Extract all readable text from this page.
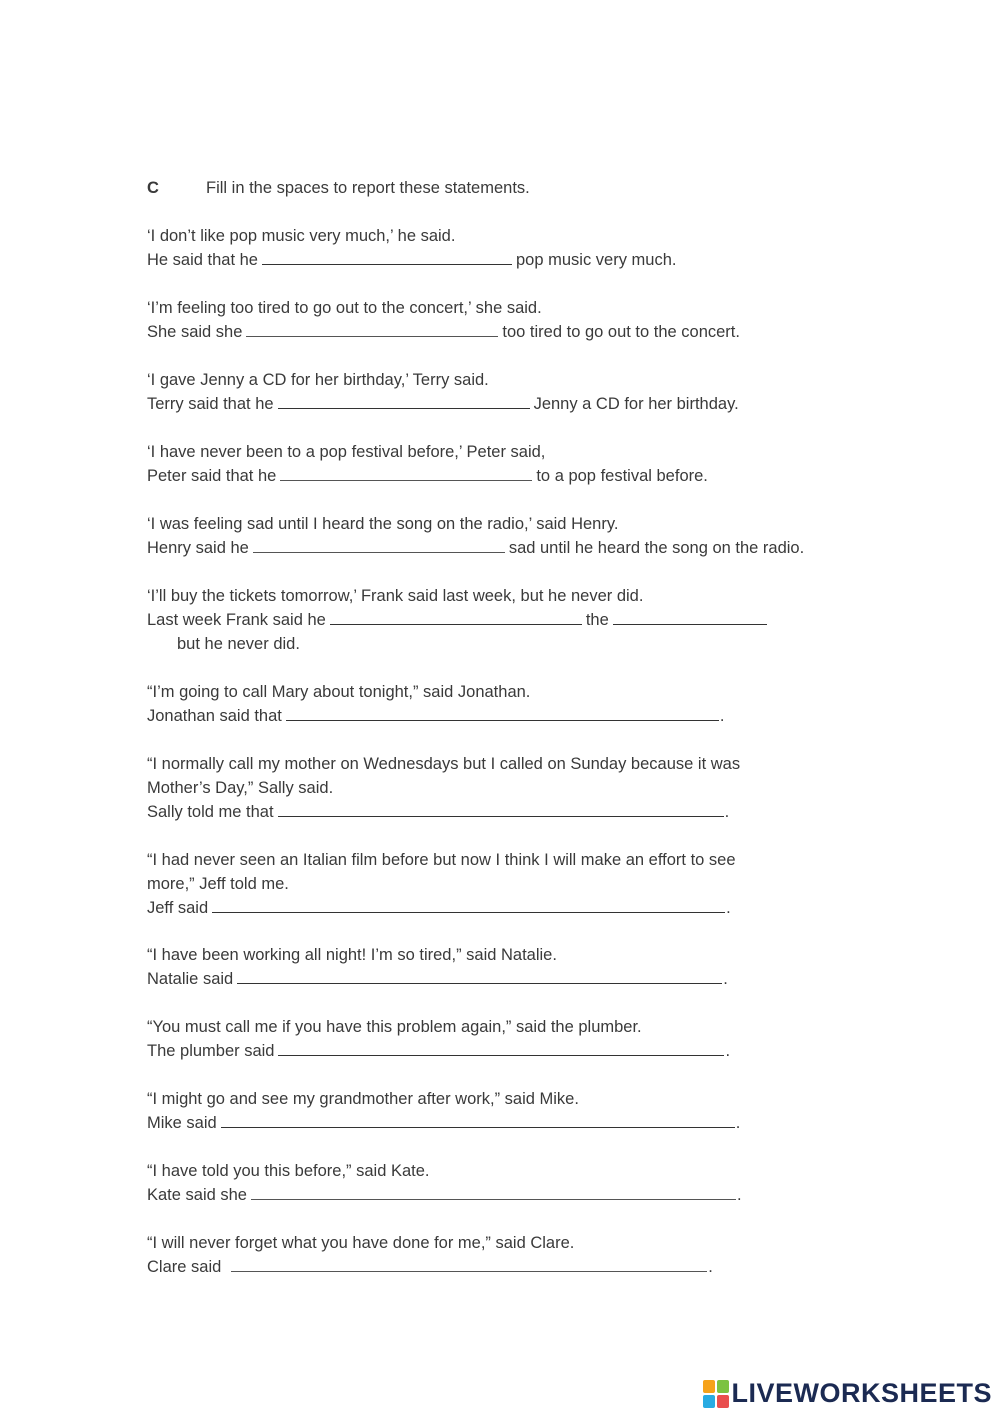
C	Fill in the spaces to report these statements.
‘I don’t like pop music very much,’ he said.
He said that he	pop music very much.
‘I’m feeling too tired to go out to the concert,’ she said.
She said she	too tired to go out to the concert.
‘I gave Jenny a CD for her birthday,’ Terry said.
Terry said that he	Jenny a CD for her birthday.
‘I have never been to a pop festival before,’ Peter said,
Peter said that he	to a pop festival before.
‘I was feeling sad until I heard the song on the radio,’ said Henry.
Henry said he	sad until he heard the song on the radio.
‘I’ll buy the tickets tomorrow,’ Frank said last week, but he never did.
Last week Frank said he	the
but he never did.
“I’m going to call Mary about tonight,” said Jonathan.
Jonathan said that	.
“I normally call my mother on Wednesdays but I called on Sunday because it was
Mother’s Day,” Sally said.
Sally told me that	.
“I had never seen an Italian film before but now I think I will make an effort to see
more,” Jeff told me.
Jeff said	.
“I have been working all night! I’m so tired,” said Natalie.
Natalie said	.
“You must call me if you have this problem again,” said the plumber.
The plumber said	.
“I might go and see my grandmother after work,” said Mike.
Mike said	.
“I have told you this before,” said Kate.
Kate said she	.
“I will never forget what you have done for me,” said Clare.
Clare said	.
LIVEWORKSHEETS
